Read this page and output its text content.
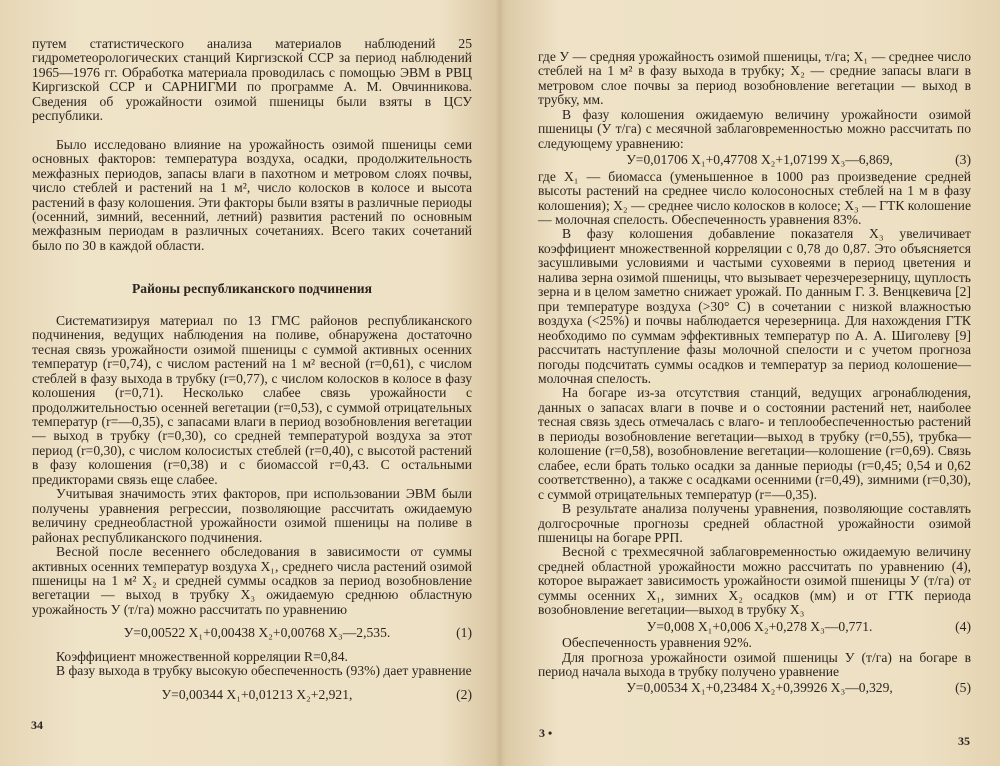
путем статистического анализа материалов наблюдений 25 гидрометеорологических станций Киргизской ССР за период наблюдений 1965—1976 гг. Обработка материала проводилась с помощью ЭВМ в РВЦ Киргизской ССР и САРНИГМИ по программе А. М. Овчинникова. Сведения об урожайности озимой пшеницы были взяты в ЦСУ республики.

Было исследовано влияние на урожайность озимой пшеницы семи основных факторов: температура воздуха, осадки, продолжительность межфазных периодов, запасы влаги в пахотном и метровом слоях почвы, число стеблей и растений на 1 м², число колосков в колосе и высота растений в фазу колошения. Эти факторы были взяты в различные периоды (осенний, зимний, весенний, летний) развития растений по основным межфазным периодам в различных сочетаниях. Всего таких сочетаний было по 30 в каждой области.

Районы республиканского подчинения

Систематизируя материал по 13 ГМС районов республиканского подчинения, ведущих наблюдения на поливе, обнаружена достаточно тесная связь урожайности озимой пшеницы с суммой активных осенних температур (r=0,74), с числом растений на 1 м² весной (r=0,61), с числом стеблей в фазу выхода в трубку (r=0,77), с числом колосков в колосе в фазу колошения (r=0,71). Несколько слабее связь урожайности с продолжительностью осенней вегетации (r=0,53), с суммой отрицательных температур (r=—0,35), с запасами влаги в период возобновления вегетации — выход в трубку (r=0,30), со средней температурой воздуха за этот период (r=0,30), с числом колосистых стеблей (r=0,40), с высотой растений в фазу колошения (r=0,38) и с биомассой r=0,43. С остальными предикторами связь еще слабее.

Учитывая значимость этих факторов, при использовании ЭВМ были получены уравнения регрессии, позволяющие рассчитать ожидаемую величину среднеобластной урожайности озимой пшеницы на поливе в районах республиканского подчинения.

Весной после весеннего обследования в зависимости от суммы активных осенних температур воздуха X₁, среднего числа растений озимой пшеницы на 1 м² X₂ и средней суммы осадков за период возобновление вегетации — выход в трубку X₃ ожидаемую среднюю областную урожайность У (т/га) можно рассчитать по уравнению

У=0,00522 X₁+0,00438 X₂+0,00768 X₃—2,535.	(1)

Коэффициент множественной корреляции R=0,84.

В фазу выхода в трубку высокую обеспеченность (93%) дает уравнение

У=0,00344 X₁+0,01213 X₂+2,921,	(2)
34

где У — средняя урожайность озимой пшеницы, т/га; X₁ — среднее число стеблей на 1 м² в фазу выхода в трубку; X₂ — средние запасы влаги в метровом слое почвы за период возобновление вегетации — выход в трубку, мм.

В фазу колошения ожидаемую величину урожайности озимой пшеницы (У т/га) с месячной заблаговременностью можно рассчитать по следующему уравнению:

У=0,01706 X₁+0,47708 X₂+1,07199 X₃—6,869,	(3)

где X₁ — биомасса (уменьшенное в 1000 раз произведение средней высоты растений на среднее число колосоносных стеблей на 1 м в фазу колошения); X₂ — среднее число колосков в колосе; X₃ — ГТК колошение — молочная спелость. Обеспеченность уравнения 83%.

В фазу колошения добавление показателя X₃ увеличивает коэффициент множественной корреляции с 0,78 до 0,87. Это объясняется засушливыми условиями и частыми суховеями в период цветения и налива зерна озимой пшеницы, что вызывает черезчерезерницу, щуплость зерна и в целом заметно снижает урожай. По данным Г. З. Венцкевича [2] при температуре воздуха (>30° С) в сочетании с низкой влажностью воздуха (<25%) и почвы наблюдается черезерница. Для нахождения ГТК необходимо по суммам эффективных температур по А. А. Шиголеву [9] рассчитать наступление фазы молочной спелости и с учетом прогноза погоды подсчитать суммы осадков и температур за период колошение—молочная спелость.

На богаре из-за отсутствия станций, ведущих агронаблюдения, данных о запасах влаги в почве и о состоянии растений нет, наиболее тесная связь здесь отмечалась с влаго- и теплообеспеченностью растений в периоды возобновление вегетации—выход в трубку (r=0,55), трубка—колошение (r=0,58), возобновление вегетации—колошение (r=0,69). Связь слабее, если брать только осадки за данные периоды (r=0,45; 0,54 и 0,62 соответственно), а также с осадками осенними (r=0,49), зимними (r=0,30), с суммой отрицательных температур (r=—0,35).

В результате анализа получены уравнения, позволяющие составлять долгосрочные прогнозы средней областной урожайности озимой пшеницы на богаре РРП.

Весной с трехмесячной заблаговременностью ожидаемую величину средней областной урожайности можно рассчитать по уравнению (4), которое выражает зависимость урожайности озимой пшеницы У (т/га) от суммы осенних X₁, зимних X₂ осадков (мм) и от ГТК периода возобновление вегетации—выход в трубку X₃

У=0,008 X₁+0,006 X₂+0,278 X₃—0,771.	(4)

Обеспеченность уравнения 92%.

Для прогноза урожайности озимой пшеницы У (т/га) на богаре в период начала выхода в трубку получено уравнение

У=0,00534 X₁+0,23484 X₂+0,39926 X₃—0,329,	(5)
3 •
35
